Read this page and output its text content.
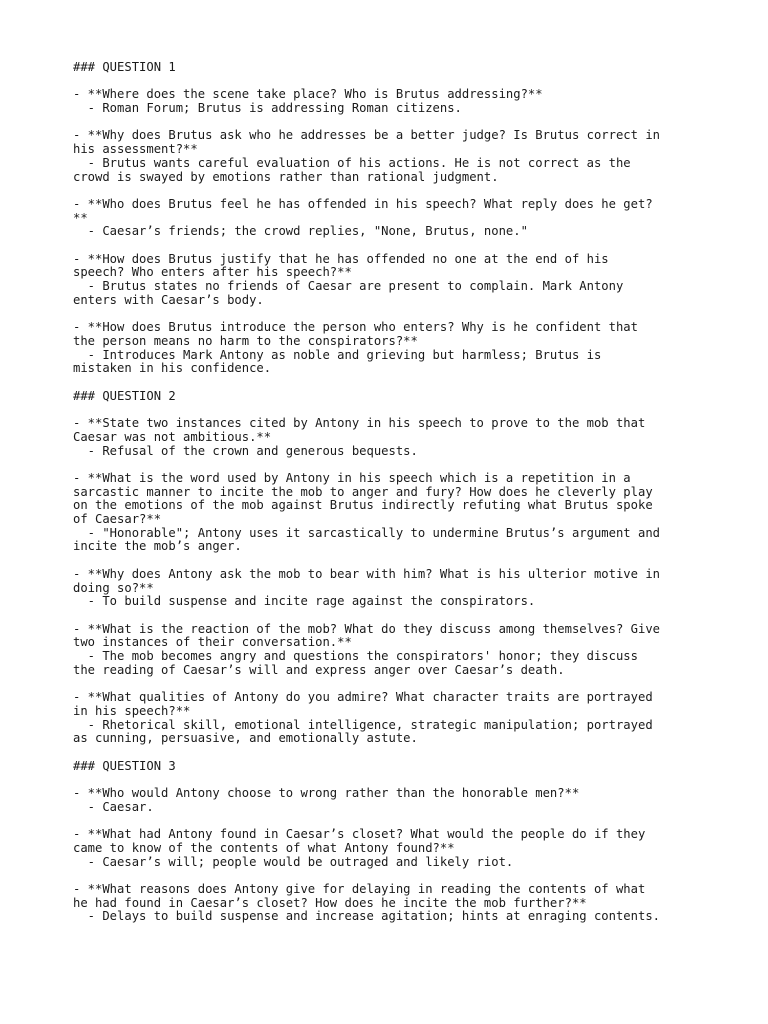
### QUESTION 1
- **Where does the scene take place? Who is Brutus addressing?**
- Roman Forum; Brutus is addressing Roman citizens.
- **Why does Brutus ask who he addresses be a better judge? Is Brutus correct in
his assessment?**
- Brutus wants careful evaluation of his actions. He is not correct as the
crowd is swayed by emotions rather than rational judgment.
- **Who does Brutus feel he has offended in his speech? What reply does he get?
**
- Caesar’s friends; the crowd replies, "None, Brutus, none."
- **How does Brutus justify that he has offended no one at the end of his
speech? Who enters after his speech?**
- Brutus states no friends of Caesar are present to complain. Mark Antony
enters with Caesar’s body.
- **How does Brutus introduce the person who enters? Why is he confident that
the person means no harm to the conspirators?**
- Introduces Mark Antony as noble and grieving but harmless; Brutus is
mistaken in his confidence.
### QUESTION 2
- **State two instances cited by Antony in his speech to prove to the mob that
Caesar was not ambitious.**
- Refusal of the crown and generous bequests.
- **What is the word used by Antony in his speech which is a repetition in a
sarcastic manner to incite the mob to anger and fury? How does he cleverly play
on the emotions of the mob against Brutus indirectly refuting what Brutus spoke
of Caesar?**
- "Honorable"; Antony uses it sarcastically to undermine Brutus’s argument and
incite the mob’s anger.
- **Why does Antony ask the mob to bear with him? What is his ulterior motive in
doing so?**
- To build suspense and incite rage against the conspirators.
- **What is the reaction of the mob? What do they discuss among themselves? Give
two instances of their conversation.**
- The mob becomes angry and questions the conspirators' honor; they discuss
the reading of Caesar’s will and express anger over Caesar’s death.
- **What qualities of Antony do you admire? What character traits are portrayed
in his speech?**
- Rhetorical skill, emotional intelligence, strategic manipulation; portrayed
as cunning, persuasive, and emotionally astute.
### QUESTION 3
- **Who would Antony choose to wrong rather than the honorable men?**
- Caesar.
- **What had Antony found in Caesar’s closet? What would the people do if they
came to know of the contents of what Antony found?**
- Caesar’s will; people would be outraged and likely riot.
- **What reasons does Antony give for delaying in reading the contents of what
he had found in Caesar’s closet? How does he incite the mob further?**
- Delays to build suspense and increase agitation; hints at enraging contents.
